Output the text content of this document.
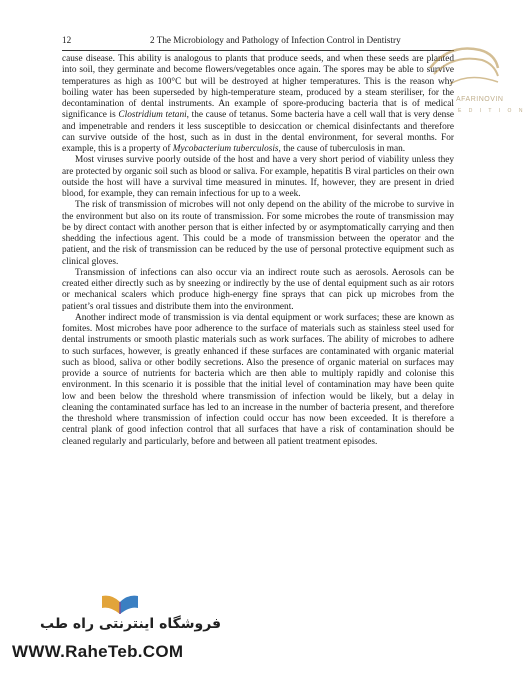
12	2 The Microbiology and Pathology of Infection Control in Dentistry

cause disease. This ability is analogous to plants that produce seeds, and when these seeds are planted into soil, they germinate and become flowers/vegetables once again. The spores may be able to survive temperatures as high as 100°C but will be destroyed at higher temperatures. This is the reason why boiling water has been superseded by high-temperature steam, produced by a steam steriliser, for the decontamination of dental instruments. An example of spore-producing bacteria that is of medical significance is Clostridium tetani, the cause of tetanus. Some bacteria have a cell wall that is very dense and impenetrable and renders it less susceptible to desiccation or chemical disinfectants and therefore can survive outside of the host, such as in dust in the dental environment, for several months. For example, this is a property of Mycobacterium tuberculosis, the cause of tuberculosis in man.

Most viruses survive poorly outside of the host and have a very short period of viability unless they are protected by organic soil such as blood or saliva. For example, hepatitis B viral particles on their own outside the host will have a survival time measured in minutes. If, however, they are present in dried blood, for example, they can remain infectious for up to a week.

The risk of transmission of microbes will not only depend on the ability of the microbe to survive in the environment but also on its route of transmission. For some microbes the route of transmission may be by direct contact with another person that is either infected by or asymptomatically carrying and then shedding the infectious agent. This could be a mode of transmission between the operator and the patient, and the risk of transmission can be reduced by the use of personal protective equipment such as clinical gloves.

Transmission of infections can also occur via an indirect route such as aerosols. Aerosols can be created either directly such as by sneezing or indirectly by the use of dental equipment such as air rotors or mechanical scalers which produce high-energy fine sprays that can pick up microbes from the patient’s oral tissues and distribute them into the environment.

Another indirect mode of transmission is via dental equipment or work surfaces; these are known as fomites. Most microbes have poor adherence to the surface of materials such as stainless steel used for dental instruments or smooth plastic materials such as work surfaces. The ability of microbes to adhere to such surfaces, however, is greatly enhanced if these surfaces are contaminated with organic material such as blood, saliva or other bodily secretions. Also the presence of organic material on surfaces may provide a source of nutrients for bacteria which are then able to multiply rapidly and colonise this environment. In this scenario it is possible that the initial level of contamination may have been quite low and been below the threshold where transmission of infection would be likely, but a delay in cleaning the contaminated surface has led to an increase in the number of bacteria present, and therefore the threshold where transmission of infection could occur has now been exceeded. It is therefore a central plank of good infection control that all surfaces that have a risk of contamination should be cleaned regularly and particularly, before and between all patient treatment episodes.

AFARINOVIN
E D I T I O N
فروشگاه اینترنتی راه طب
WWW.RaheTeb.COM
